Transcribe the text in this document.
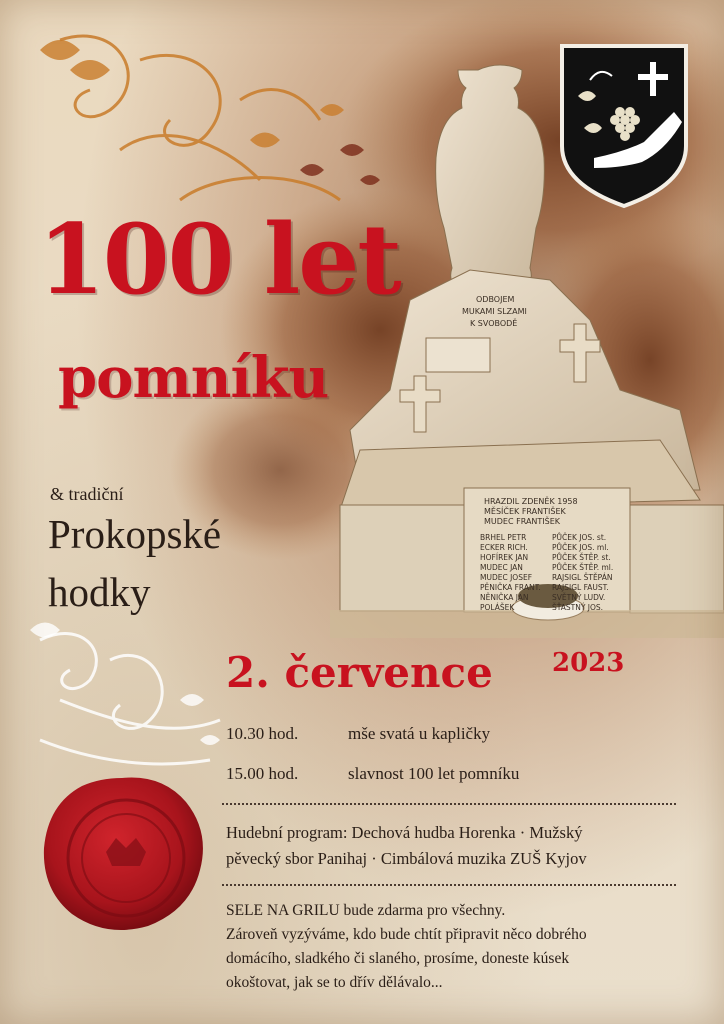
ODBOJEM
MUKAMI SLZAMI
K SVOBODĚ
HRAZDIL ZDENĚK 1958
MĚSÍČEK FRANTIŠEK
MUDEC FRANTIŠEK
BRHEL PETR
ECKER RICH.
HOFÍREK JAN
MUDEC JAN
MUDEC JOSEF
PĚNIČKA FRANT.
NĚNIČKA JAN
POLÁŠEK
PŮČEK JOS. st.
PŮČEK JOS. ml.
PŮČEK ŠTĚP. st.
PŮČEK ŠTĚP. ml.
RAJSIGL ŠTĚPÁN
RAJSIGL FAUST.
SVĚTNÝ LUDV.
ŠŤASTNÝ JOS.
100 let
pomníku
& tradiční
Prokopské
hodky
2. července 2023
10.30 hod.	mše svatá u kapličky
15.00 hod.	slavnost 100 let pomníku
Hudební program: Dechová hudba Horenka · Mužský
pěvecký sbor Panihај · Cimbálová muzika ZUŠ Kyjov
SELE NA GRILU bude zdarma pro všechny.
Zároveň vyzýváme, kdo bude chtít připravit něco dobrého
domácího, sladkého či slaného, prosíme, doneste kúsek
okoštovat, jak se to dřív dělávalo...
